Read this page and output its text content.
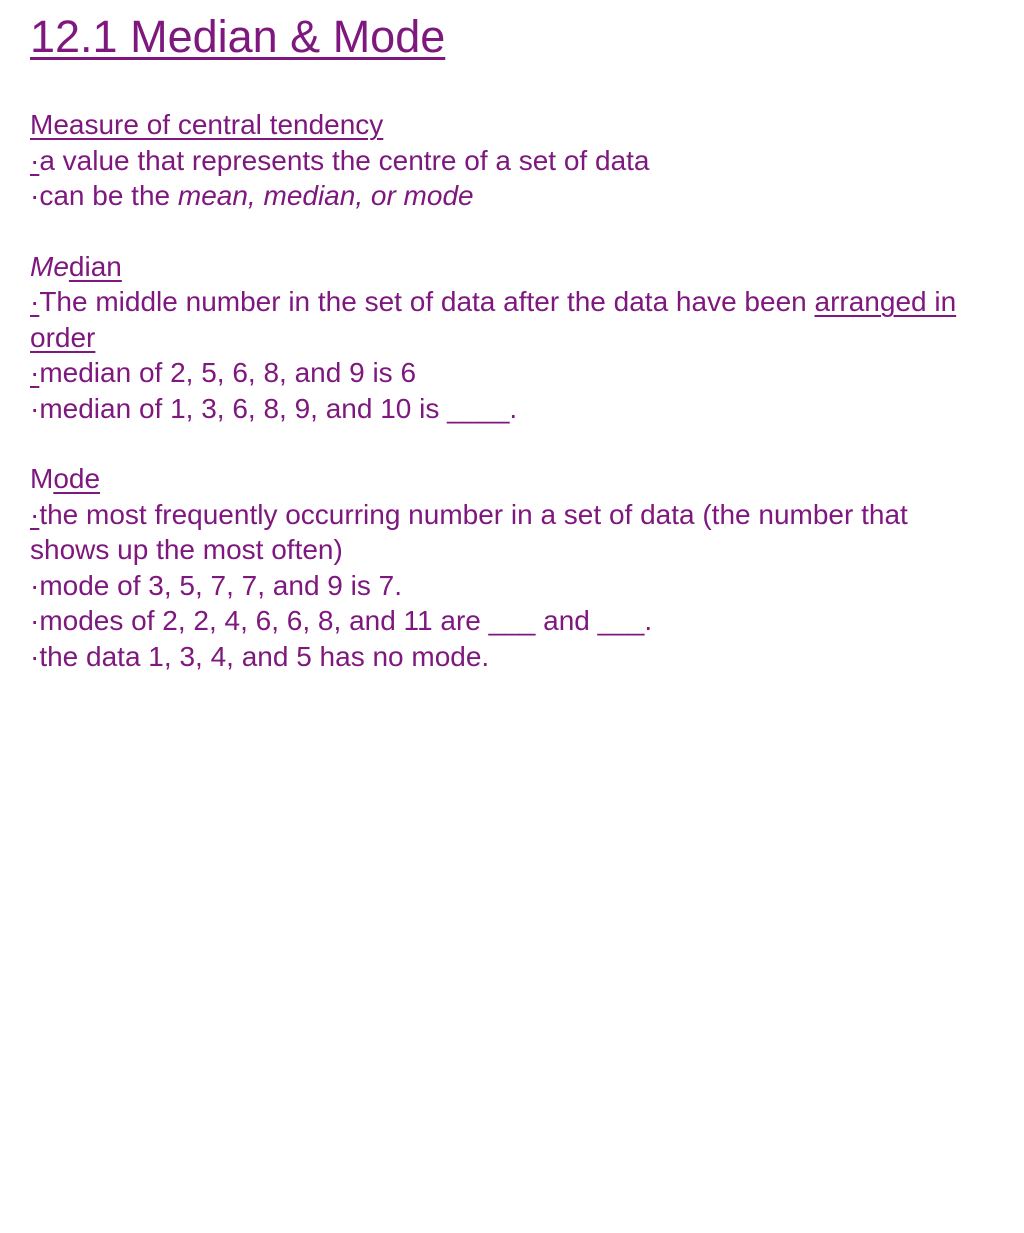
12.1 Median & Mode
Measure of central tendency
·a value that represents the centre of a set of data
·can be the mean, median, or mode
Median
·The middle number in the set of data after the data have been arranged in
order
·median of 2, 5, 6, 8, and 9 is 6
·median of 1, 3, 6, 8, 9, and 10 is ____.
Mode
·the most frequently occurring number in a set of data (the number that
shows up the most often)
·mode of 3, 5, 7, 7, and 9 is 7.
·modes of 2, 2, 4, 6, 6, 8, and 11 are ___ and ___.
·the data 1, 3, 4, and 5 has no mode.
